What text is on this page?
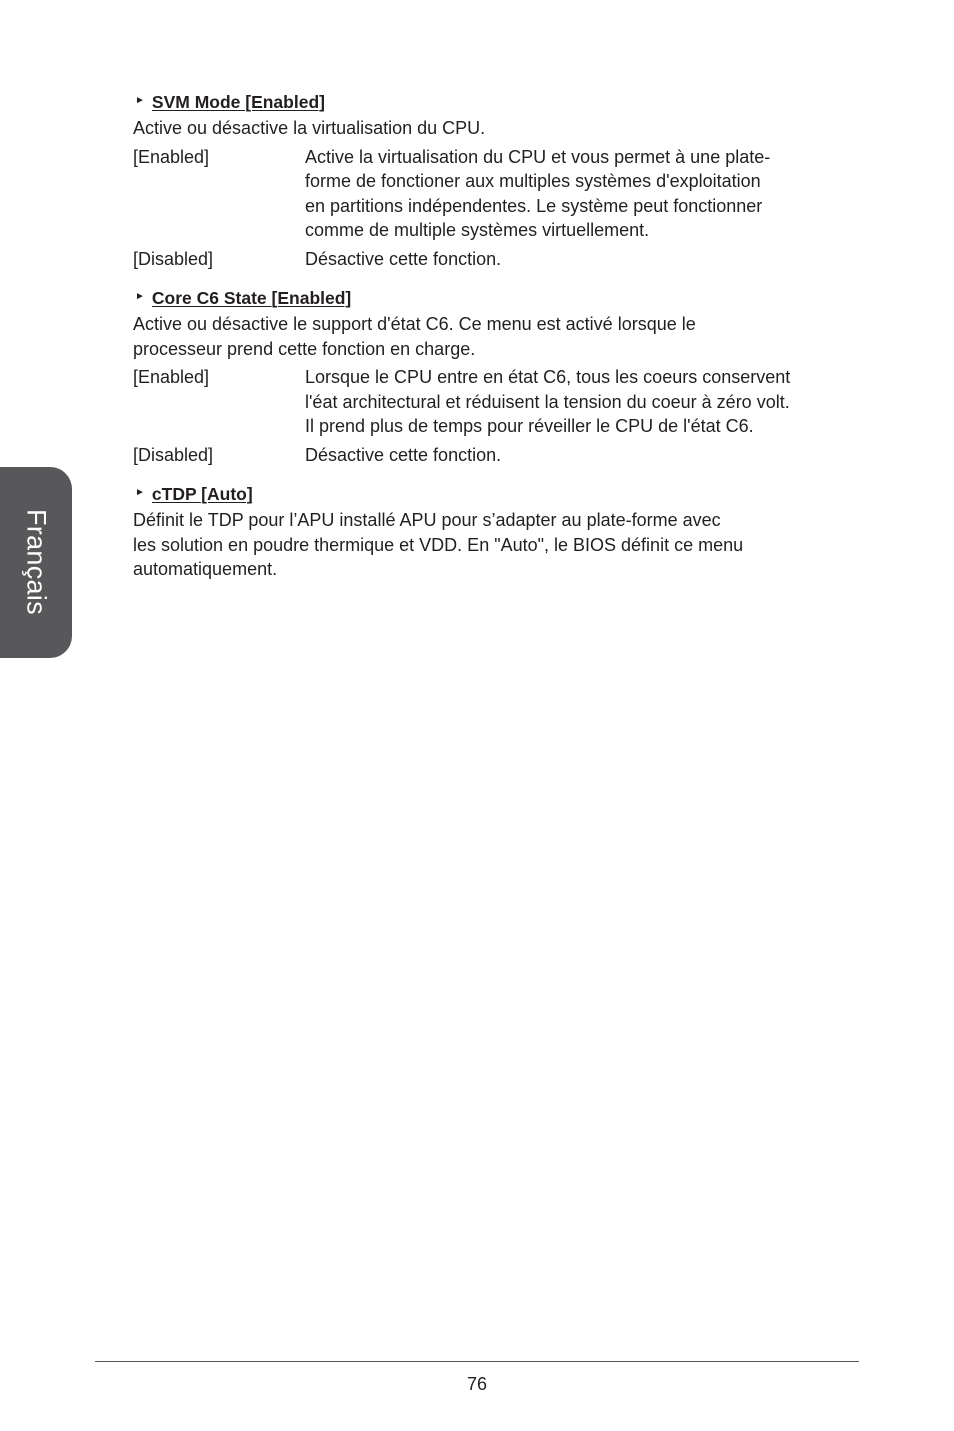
Français
► SVM Mode [Enabled]

Active ou désactive la virtualisation du CPU.

[Enabled]	Active la virtualisation du CPU et vous permet à une plate-
forme de fonctioner aux multiples systèmes d'exploitation
en partitions indépendentes. Le système peut fonctionner
comme de multiple systèmes virtuellement.
[Disabled]	Désactive cette fonction.
► Core C6 State [Enabled]

Active ou désactive le support d'état C6. Ce menu est activé lorsque le
processeur prend cette fonction en charge.

[Enabled]	Lorsque le CPU entre en état C6, tous les coeurs conservent
l'éat architectural et réduisent la tension du coeur à zéro volt.
Il prend plus de temps pour réveiller le CPU de l'état C6.
[Disabled]	Désactive cette fonction.
► cTDP [Auto]

Définit le TDP pour l’APU installé APU pour s’adapter au plate-forme avec
les solution en poudre thermique et VDD. En "Auto", le BIOS définit ce menu
automatiquement.

76
